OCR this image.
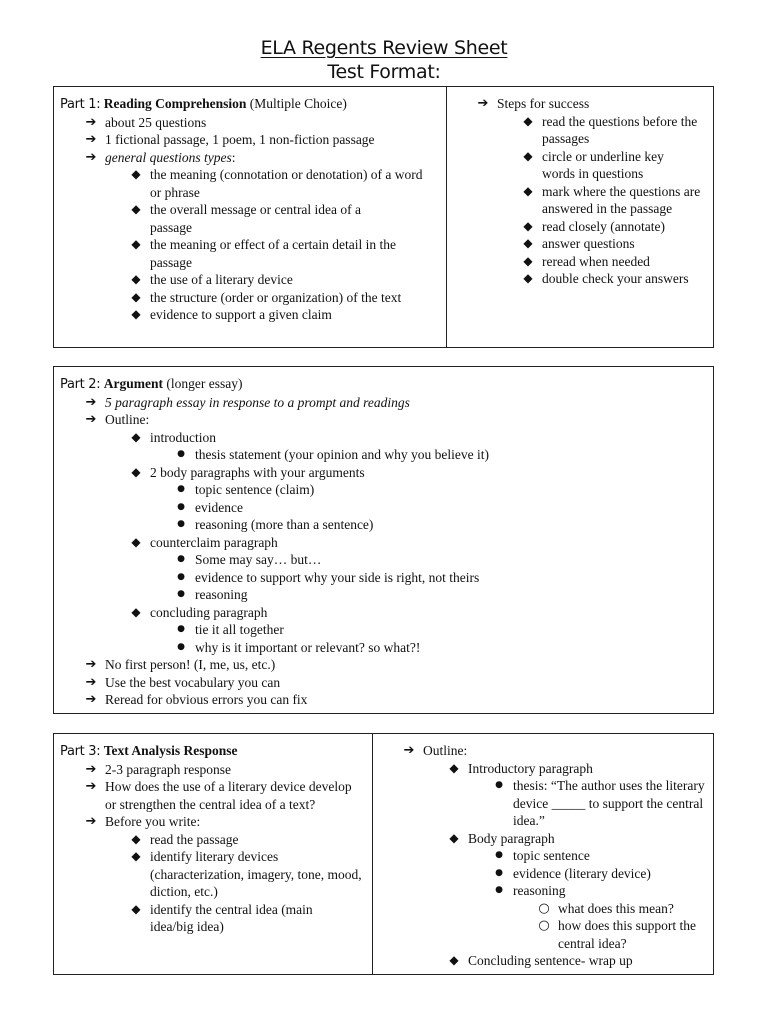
ELA Regents Review Sheet
Test Format:
Part 1: Reading Comprehension (Multiple Choice)
➔ about 25 questions
➔ 1 fictional passage, 1 poem, 1 non-fiction passage
➔ general questions types:
◆ the meaning (connotation or denotation) of a word or phrase
◆ the overall message or central idea of a passage
◆ the meaning or effect of a certain detail in the passage
◆ the use of a literary device
◆ the structure (order or organization) of the text
◆ evidence to support a given claim
➔ Steps for success
◆ read the questions before the passages
◆ circle or underline key words in questions
◆ mark where the questions are answered in the passage
◆ read closely (annotate)
◆ answer questions
◆ reread when needed
◆ double check your answers
Part 2: Argument (longer essay)
➔ 5 paragraph essay in response to a prompt and readings
➔ Outline:
◆ introduction
● thesis statement (your opinion and why you believe it)
◆ 2 body paragraphs with your arguments
● topic sentence (claim)
● evidence
● reasoning (more than a sentence)
◆ counterclaim paragraph
● Some may say… but…
● evidence to support why your side is right, not theirs
● reasoning
◆ concluding paragraph
● tie it all together
● why is it important or relevant? so what?!
➔ No first person! (I, me, us, etc.)
➔ Use the best vocabulary you can
➔ Reread for obvious errors you can fix
Part 3: Text Analysis Response
➔ 2-3 paragraph response
➔ How does the use of a literary device develop or strengthen the central idea of a text?
➔ Before you write:
◆ read the passage
◆ identify literary devices (characterization, imagery, tone, mood, diction, etc.)
◆ identify the central idea (main idea/big idea)
➔ Outline:
◆ Introductory paragraph
● thesis: “The author uses the literary device _____ to support the central idea.”
◆ Body paragraph
● topic sentence
● evidence (literary device)
● reasoning
○ what does this mean?
○ how does this support the central idea?
◆ Concluding sentence- wrap up
